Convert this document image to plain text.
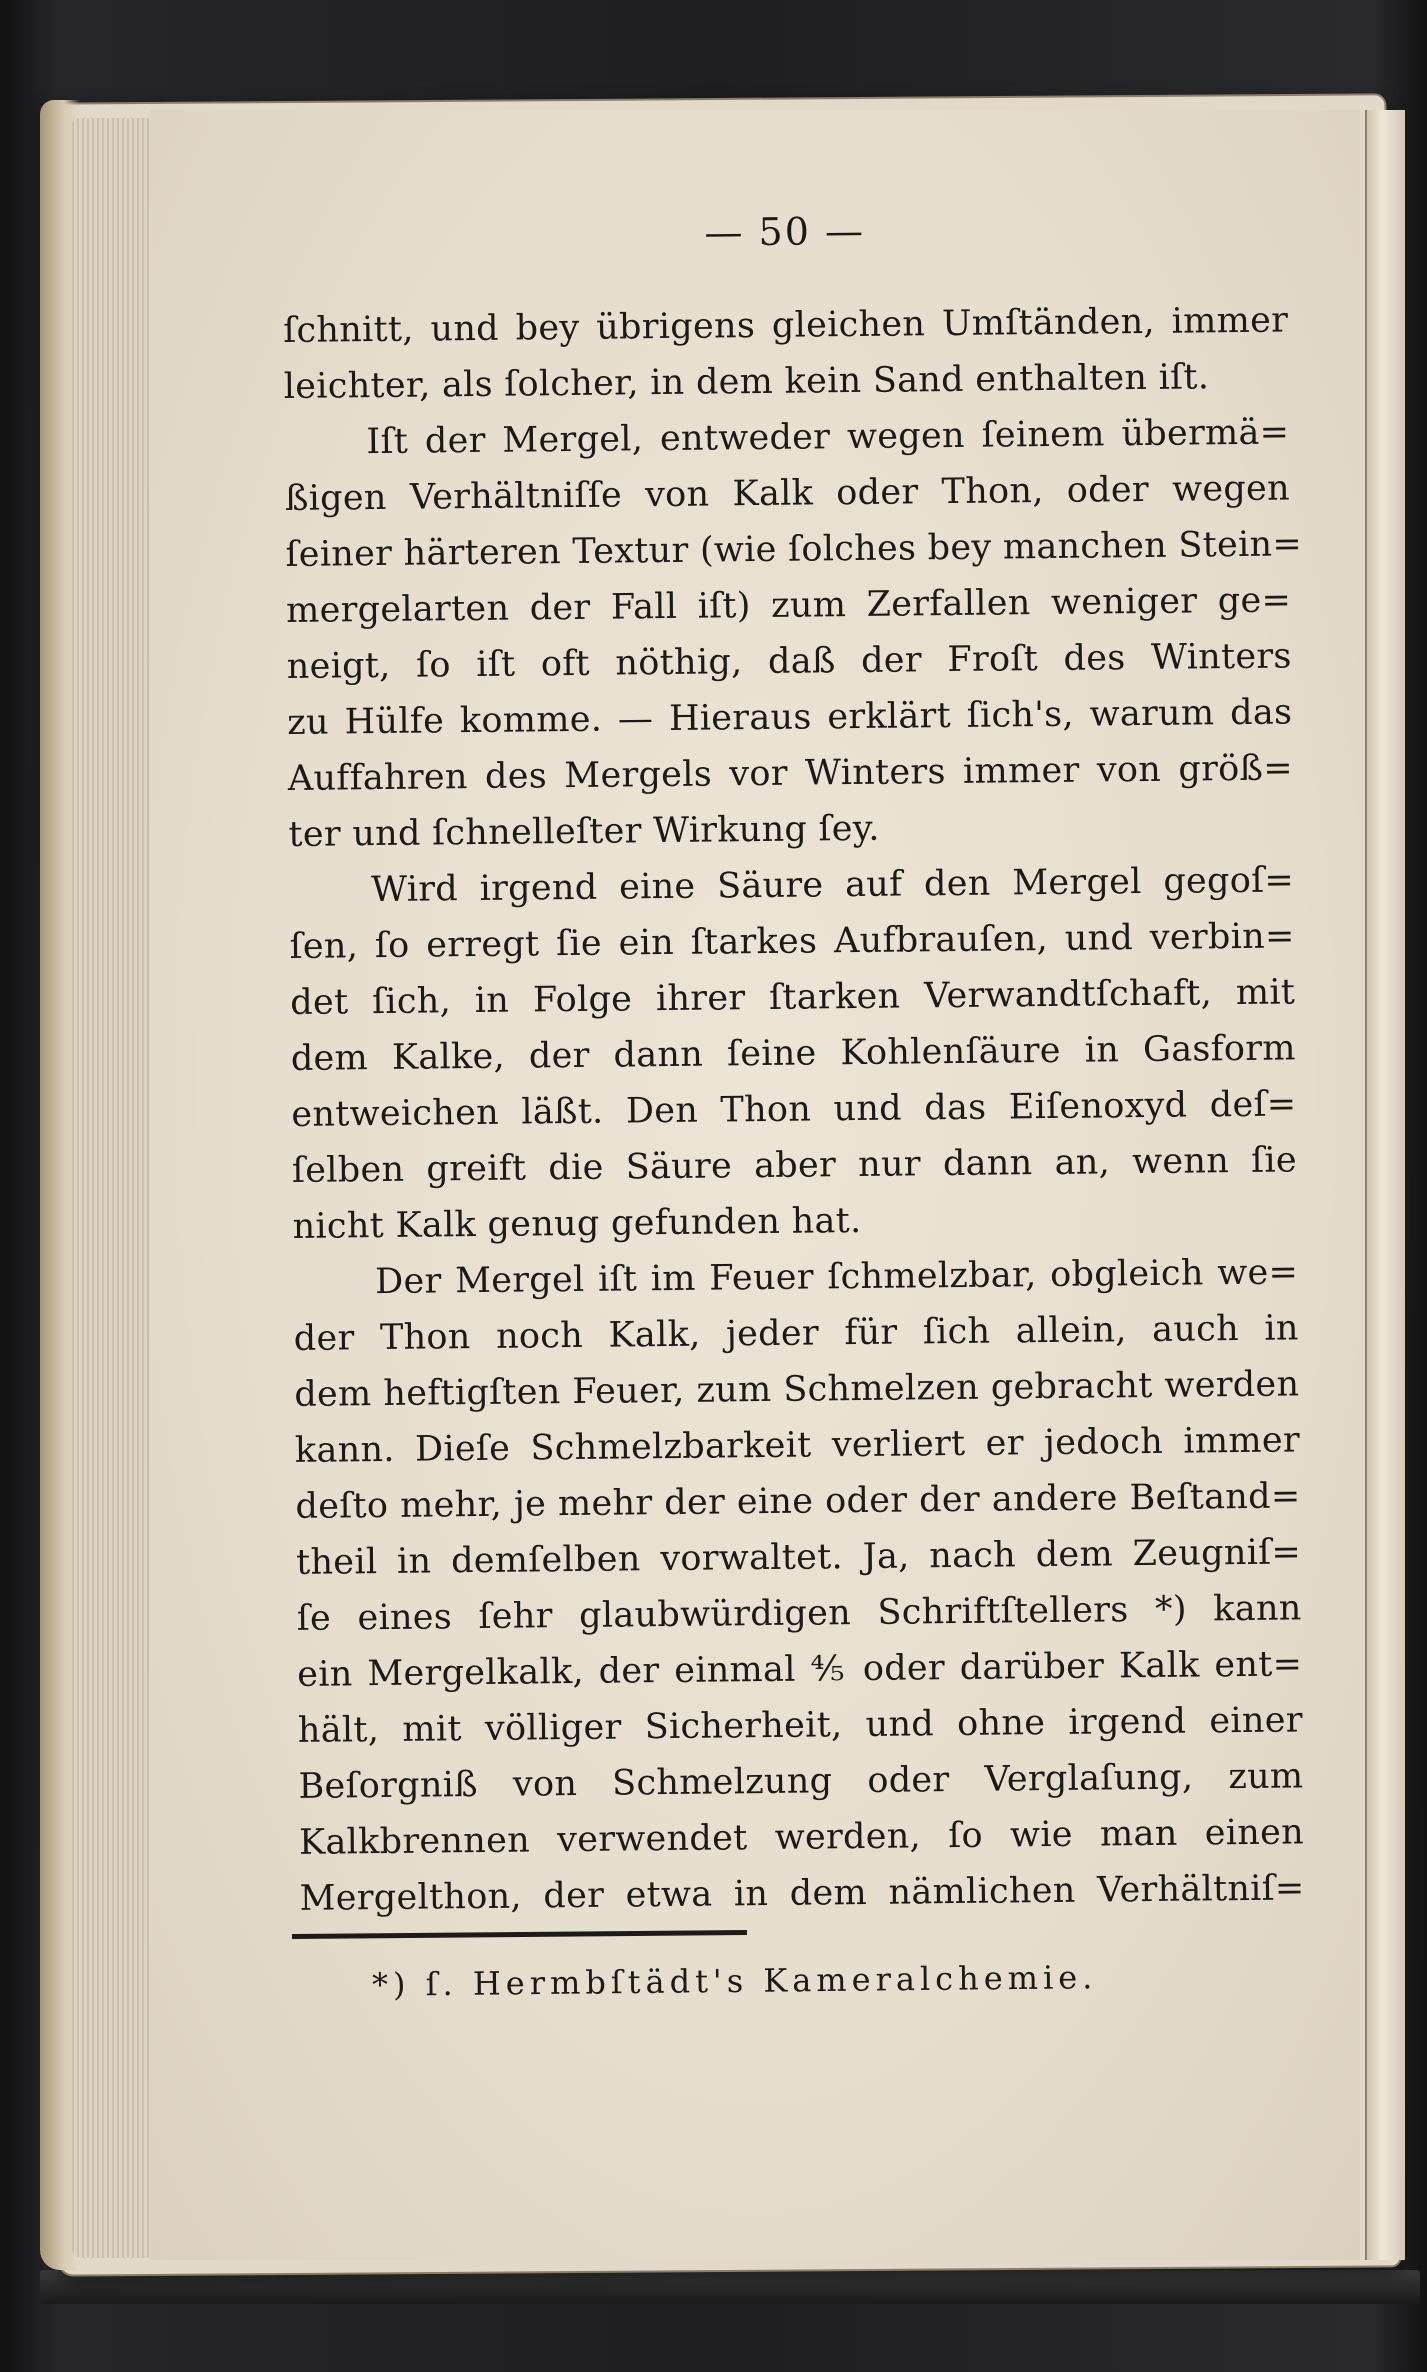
— 50 —
ſchnitt, und bey übrigens gleichen Umſtänden, immer
leichter, als ſolcher, in dem kein Sand enthalten iſt.
Iſt der Mergel, entweder wegen ſeinem übermä=
ßigen Verhältniſſe von Kalk oder Thon, oder wegen
ſeiner härteren Textur (wie ſolches bey manchen Stein=
mergelarten der Fall iſt) zum Zerfallen weniger ge=
neigt, ſo iſt oft nöthig, daß der Froſt des Winters
zu Hülfe komme. — Hieraus erklärt ſich's, warum das
Auffahren des Mergels vor Winters immer von größ=
ter und ſchnelleſter Wirkung ſey.
Wird irgend eine Säure auf den Mergel gegoſ=
ſen, ſo erregt ſie ein ſtarkes Aufbrauſen, und verbin=
det ſich, in Folge ihrer ſtarken Verwandtſchaft, mit
dem Kalke, der dann ſeine Kohlenſäure in Gasform
entweichen läßt. Den Thon und das Eiſenoxyd deſ=
ſelben greift die Säure aber nur dann an, wenn ſie
nicht Kalk genug gefunden hat.
Der Mergel iſt im Feuer ſchmelzbar, obgleich we=
der Thon noch Kalk, jeder für ſich allein, auch in
dem heftigſten Feuer, zum Schmelzen gebracht werden
kann. Dieſe Schmelzbarkeit verliert er jedoch immer
deſto mehr, je mehr der eine oder der andere Beſtand=
theil in demſelben vorwaltet. Ja, nach dem Zeugniſ=
ſe eines ſehr glaubwürdigen Schriftſtellers *) kann
ein Mergelkalk, der einmal ⅘ oder darüber Kalk ent=
hält, mit völliger Sicherheit, und ohne irgend einer
Beſorgniß von Schmelzung oder Verglaſung, zum
Kalkbrennen verwendet werden, ſo wie man einen
Mergelthon, der etwa in dem nämlichen Verhältniſ=
*) ſ. Hermbſtädt's Kameralchemie.
